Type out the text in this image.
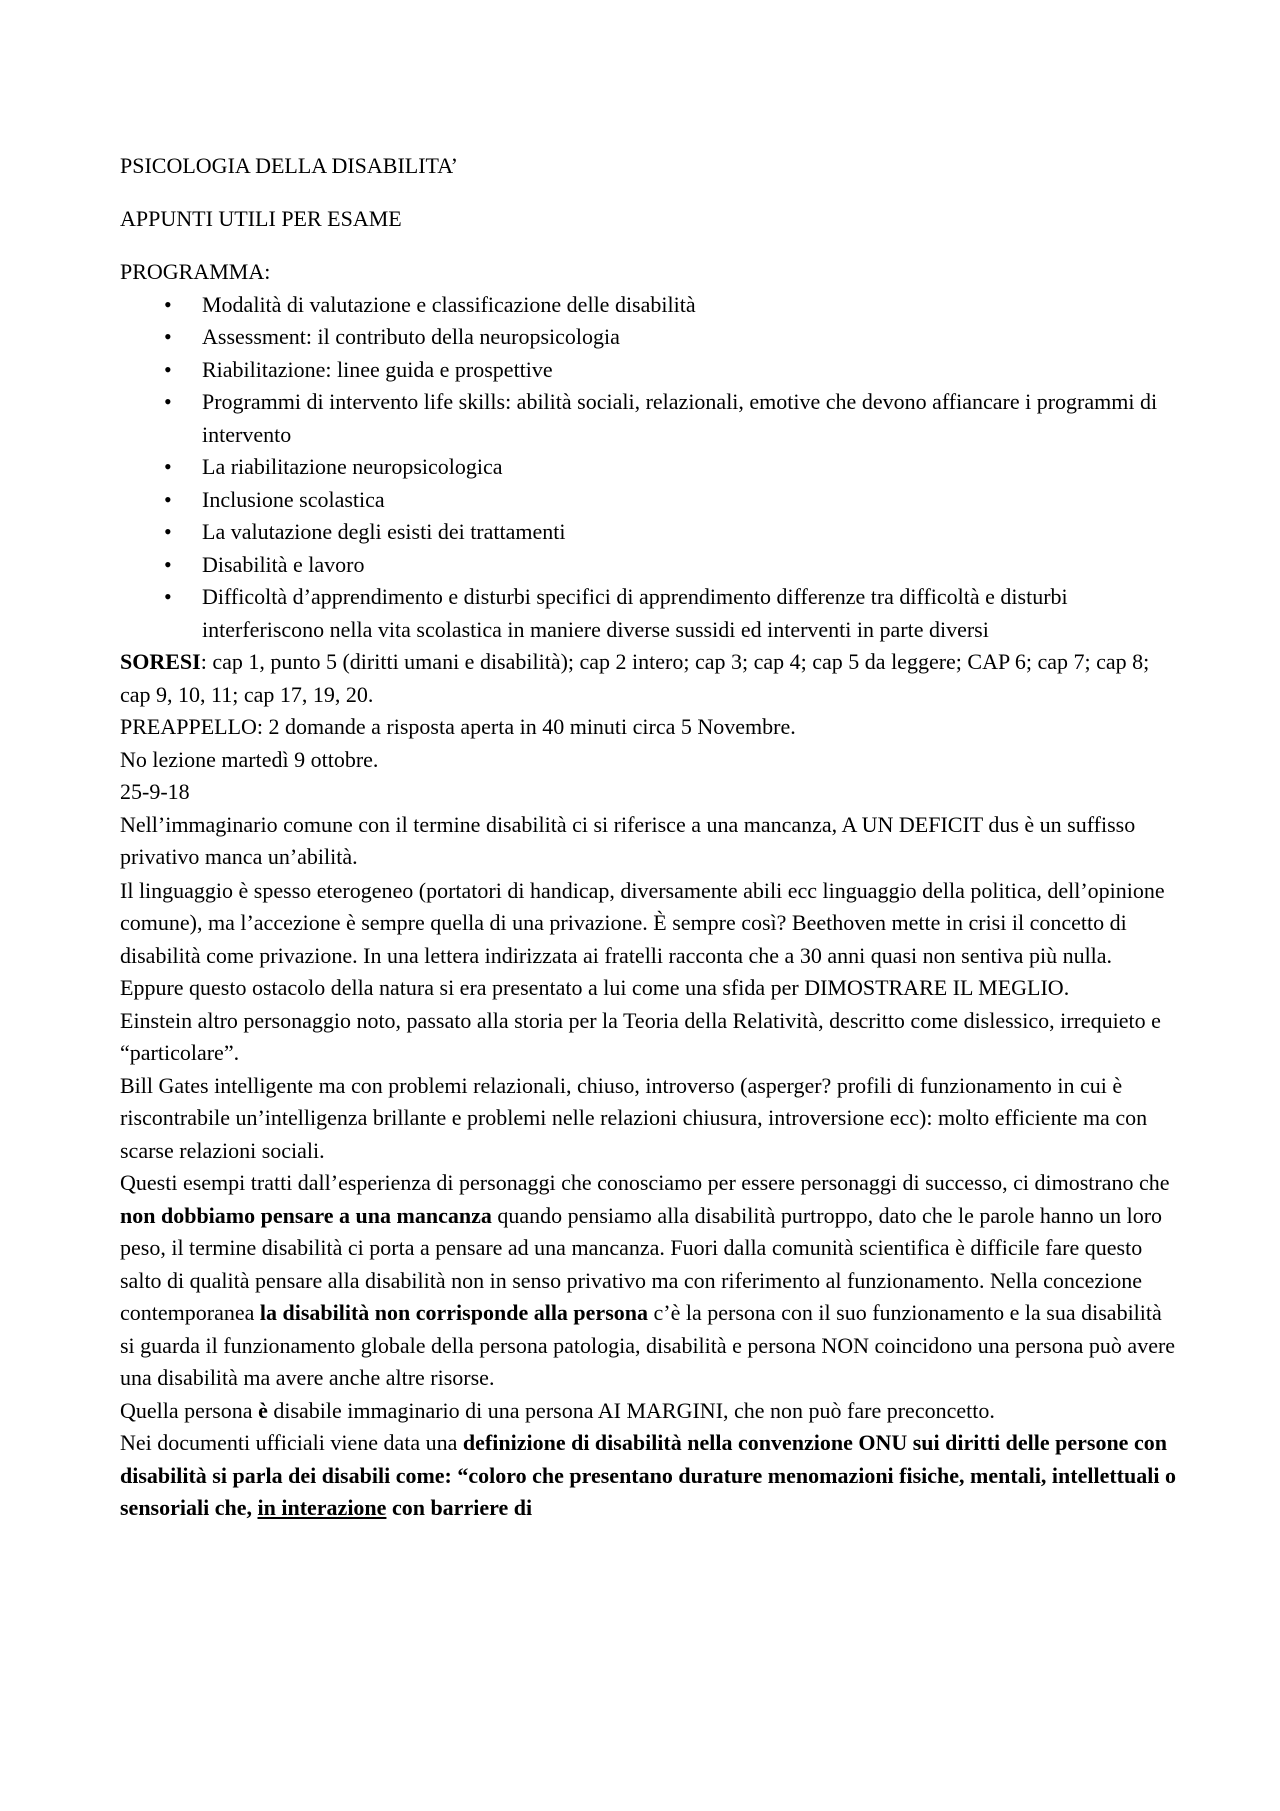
PSICOLOGIA DELLA DISABILITA’

APPUNTI UTILI PER ESAME

PROGRAMMA:

• Modalità di valutazione e classificazione delle disabilità
• Assessment: il contributo della neuropsicologia
• Riabilitazione: linee guida e prospettive
• Programmi di intervento life skills: abilità sociali, relazionali, emotive che devono affiancare i programmi di intervento
• La riabilitazione neuropsicologica
• Inclusione scolastica
• La valutazione degli esisti dei trattamenti
• Disabilità e lavoro
• Difficoltà d’apprendimento e disturbi specifici di apprendimento differenze tra difficoltà e disturbi interferiscono nella vita scolastica in maniere diverse sussidi ed interventi in parte diversi

SORESI: cap 1, punto 5 (diritti umani e disabilità); cap 2 intero; cap 3; cap 4; cap 5 da leggere; CAP 6; cap 7; cap 8; cap 9, 10, 11; cap 17, 19, 20.

PREAPPELLO: 2 domande a risposta aperta in 40 minuti circa 5 Novembre.

No lezione martedì 9 ottobre.

25-9-18

Nell’immaginario comune con il termine disabilità ci si riferisce a una mancanza, A UN DEFICIT dus è un suffisso privativo manca un’abilità.

Il linguaggio è spesso eterogeneo (portatori di handicap, diversamente abili ecc linguaggio della politica, dell’opinione comune), ma l’accezione è sempre quella di una privazione. È sempre così? Beethoven mette in crisi il concetto di disabilità come privazione. In una lettera indirizzata ai fratelli racconta che a 30 anni quasi non sentiva più nulla. Eppure questo ostacolo della natura si era presentato a lui come una sfida per DIMOSTRARE IL MEGLIO.

Einstein altro personaggio noto, passato alla storia per la Teoria della Relatività, descritto come dislessico, irrequieto e “particolare”.

Bill Gates intelligente ma con problemi relazionali, chiuso, introverso (asperger? profili di funzionamento in cui è riscontrabile un’intelligenza brillante e problemi nelle relazioni chiusura, introversione ecc): molto efficiente ma con scarse relazioni sociali.

Questi esempi tratti dall’esperienza di personaggi che conosciamo per essere personaggi di successo, ci dimostrano che non dobbiamo pensare a una mancanza quando pensiamo alla disabilità purtroppo, dato che le parole hanno un loro peso, il termine disabilità ci porta a pensare ad una mancanza. Fuori dalla comunità scientifica è difficile fare questo salto di qualità pensare alla disabilità non in senso privativo ma con riferimento al funzionamento. Nella concezione contemporanea la disabilità non corrisponde alla persona c’è la persona con il suo funzionamento e la sua disabilità si guarda il funzionamento globale della persona patologia, disabilità e persona NON coincidono una persona può avere una disabilità ma avere anche altre risorse.

Quella persona è disabile immaginario di una persona AI MARGINI, che non può fare preconcetto.

Nei documenti ufficiali viene data una definizione di disabilità nella convenzione ONU sui diritti delle persone con disabilità si parla dei disabili come: “coloro che presentano durature menomazioni fisiche, mentali, intellettuali o sensoriali che, in interazione con barriere di
